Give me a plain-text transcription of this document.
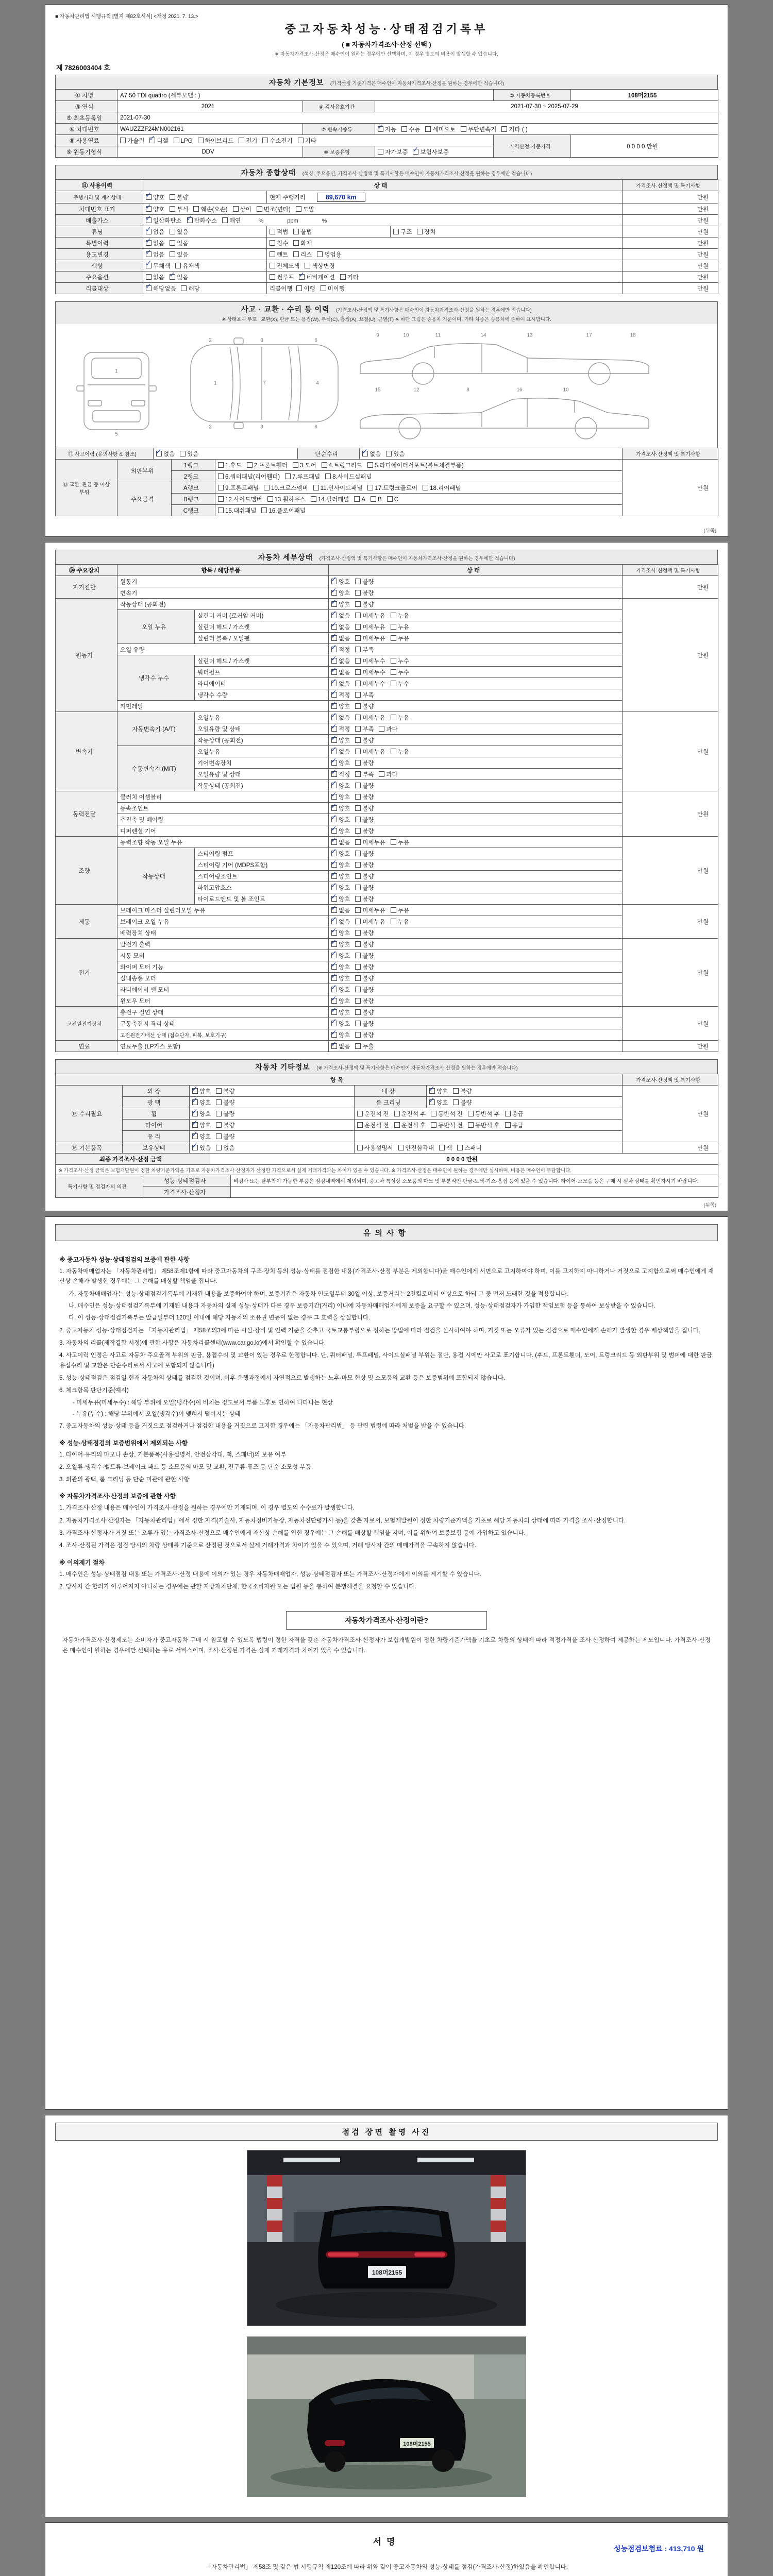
■ 자동차관리법 시행규칙 [별지 제82호서식] <개정 2021. 7. 13.>
중고자동차성능·상태점검기록부
( ■ 자동차가격조사·산정 선택 )
※ 자동차가격조사·산정은 매수인이 원하는 경우에만 선택하며, 이 경우 별도의 비용이 발생할 수 있습니다.
제 7826003404 호
자동차 기본정보 (가격산정 기준가격은 매수인이 자동차가격조사·산정을 원하는 경우에만 적습니다)
① 차명	A7 50 TDI quattro (세부모델 : )			② 자동차등록번호	108머2155
③ 연식	2021	④ 검사유효기간	2021-07-30 ~ 2025-07-29		
⑤ 최초등록일	2021-07-30				
⑥ 차대번호	WAUZZZF24MN002161	⑦ 변속기종류	✓자동 수동 세미오토 무단변속기 기타 ( )
⑧ 사용연료	가솔린 ✓ 디젤 LPG 하이브리드 전기 수소전기 기타			가격산정 기준가격	0 0 0 0 만원
⑨ 원동기형식	DDV	⑩ 보증유형	자가보증 ✓ 보험사보증
자동차 종합상태 (색상, 주요옵션, 가격조사·산정액 및 특기사항은 매수인이 자동차가격조사·산정을 원하는 경우에만 적습니다)
⑪ 사용이력	상 태			가격조사·산정액 및 특기사항
주행거리 및 계기상태	✓양호 불량	현재 주행거리 89,670 km		만원
차대번호 표기	✓양호 부식 훼손(오손) 상이 변조(변타) 도말			만원
배출가스	✓일산화탄소 ✓ 탄화수소 매연        %               ppm               %			만원
튜닝	✓없음 있음	적법 불법	구조 장치	만원
특별이력	✓없음 있음	침수 화재		만원
용도변경	✓없음 있음	렌트 리스 영업용		만원
색상	✓무채색 유채색	전체도색 색상변경		만원
주요옵션	없음 ✓ 있음	썬루프 ✓ 네비게이션 기타		만원
리콜대상	✓해당없음 해당	리콜이행 이행 미이행		만원
사고 · 교환 · 수리 등 이력 (가격조사·산정액 및 특기사항은 매수인이 자동차가격조사·산정을 원하는 경우에만 적습니다)
※ 상태표시 부호 : 교환(X), 판금 또는 용접(W), 부식(C), 흠집(A), 요철(U), 균열(T) ※ 하단 그림은 승용차 기준이며, 기타 차종은 승용차에 준하여 표시합니다.
1
5
2	3	6
1	7	4
2	3	6
9	10	11	14	13	17	18
15	12	8	16	10
⑫ 사고이력 (유의사항 4. 참조)	✓없음 있음	단순수리	✓없음 있음	가격조사·산정액 및 특기사항
⑬ 교환, 판금 등 이상 부위	외판부위	1랭크	1.후드 2.프론트휀더 3.도어 4.트렁크리드 5.라디에이터서포트(볼트체결부품)	만원
		2랭크	6.쿼터패널(리어휀더) 7.루프패널 8.사이드실패널	
	주요골격	A랭크	9.프론트패널 10.크로스멤버 11.인사이드패널 17.트렁크플로어 18.리어패널	
		B랭크	12.사이드멤버 13.휠하우스 14.필러패널 A B C	
		C랭크	15.대쉬패널 16.플로어패널	
(뒤쪽)
자동차 세부상태 (가격조사·산정액 및 특기사항은 매수인이 자동차가격조사·산정을 원하는 경우에만 적습니다)
⑭ 주요장치	항목 / 해당부품		상 태	가격조사·산정액 및 특기사항
자기진단	원동기	✓양호 불량	만원
	변속기	✓양호 불량
원동기	작동상태 (공회전)	✓양호 불량	만원
	오일 누유	실린더 커버 (로커암 커버)	✓없음 미세누유 누유
		실린더 헤드 / 가스켓	✓없음 미세누유 누유
		실린더 블록 / 오일팬	✓없음 미세누유 누유
	오일 유량	✓적정 부족
	냉각수 누수	실린더 헤드 / 가스켓	✓없음 미세누수 누수
		워터펌프	✓없음 미세누수 누수
		라디에이터	✓없음 미세누수 누수
		냉각수 수량	✓적정 부족
	커먼레일	✓양호 불량
변속기	자동변속기 (A/T)	오일누유	✓없음 미세누유 누유	만원
		오일유량 및 상태	✓적정 부족 과다
		작동상태 (공회전)	✓양호 불량
	수동변속기 (M/T)	오일누유	✓없음 미세누유 누유
		기어변속장치	✓양호 불량
		오일유량 및 상태	✓적정 부족 과다
		작동상태 (공회전)	✓양호 불량
동력전달	클러치 어셈블리	✓양호 불량	만원
	등속조인트	✓양호 불량
	추진축 및 베어링	✓양호 불량
	디퍼렌셜 기어	✓양호 불량
조향	동력조향 작동 오일 누유	✓없음 미세누유 누유	만원
	작동상태	스티어링 펌프	✓양호 불량
		스티어링 기어 (MDPS포함)	✓양호 불량
		스티어링조인트	✓양호 불량
		파워고압호스	✓양호 불량
		타이로드엔드 및 볼 조인트	✓양호 불량
제동	브레이크 마스터 실린더오일 누유	✓없음 미세누유 누유	만원
	브레이크 오일 누유	✓없음 미세누유 누유
	배력장치 상태	✓양호 불량
전기	발전기 출력	✓양호 불량	만원
	시동 모터	✓양호 불량
	와이퍼 모터 기능	✓양호 불량
	실내송풍 모터	✓양호 불량
	라디에이터 팬 모터	✓양호 불량
	윈도우 모터	✓양호 불량
고전원전기장치	충전구 절연 상태	✓양호 불량	만원
	구동축전지 격리 상태	✓양호 불량
	고전원전기배선 상태 (접속단자, 피복, 보호기구)	✓양호 불량
연료	연료누출 (LP가스 포함)	✓없음 누출	만원
자동차 기타정보 (※ 가격조사·산정액 및 특기사항은 매수인이 자동차가격조사·산정을 원하는 경우에만 적습니다)
항 목					가격조사·산정액 및 특기사항
⑮ 수리필요	외 장	✓양호 불량	내 장	✓양호 불량	만원
	광 택	✓양호 불량	룸 크리닝	✓양호 불량
	휠	✓양호 불량	운전석 전 운전석 후 동반석 전 동반석 후 응급		
	타이어	✓양호 불량	운전석 전 운전석 후 동반석 전 동반석 후 응급		
	유 리	✓양호 불량	
⑯ 기본품목	보유상태	✓있음 없음	사용설명서 안전삼각대 잭 스패너		만원
최종 가격조사·산정 금액	0 0 0 0 만원
※ 가격조사·산정 금액은 보험개발원이 정한 차량기준가액을 기초로 자동차가격조사·산정자가 산정한 가격으로서 실제 거래가격과는 차이가 있을 수 있습니다. ※ 가격조사·산정은 매수인이 원하는 경우에만 실시하며, 비용은 매수인이 부담합니다.
특기사항 및 점검자의 의견	성능·상태점검자	비검사 또는 탈부착이 가능한 부품은 점검내역에서 제외되며, 중고차 특성상 소모품의 마모 및 부분적인 판금·도색·기스·흠집 등이 있을 수 있습니다. 타이어·소모품 등은 구매 시 실차 상태를 확인하시기 바랍니다.
	가격조사·산정자	
(뒤쪽)
유의사항
※ 중고자동차 성능·상태점검의 보증에 관한 사항
1. 자동차매매업자는 「자동차관리법」 제58조제1항에 따라 중고자동차의 구조·장치 등의 성능·상태를 점검한 내용(가격조사·산정 부분은 제외합니다)을 매수인에게 서면으로 고지하여야 하며, 이를 고지하지 아니하거나 거짓으로 고지함으로써 매수인에게 재산상 손해가 발생한 경우에는 그 손해를 배상할 책임을 집니다.
가. 자동차매매업자는 성능·상태점검기록부에 기재된 내용을 보증하여야 하며, 보증기간은 자동차 인도일부터 30일 이상, 보증거리는 2천킬로미터 이상으로 하되 그 중 먼저 도래한 것을 적용합니다.
나. 매수인은 성능·상태점검기록부에 기재된 내용과 자동차의 실제 성능·상태가 다른 경우 보증기간(거리) 이내에 자동차매매업자에게 보증을 요구할 수 있으며, 성능·상태점검자가 가입한 책임보험 등을 통하여 보상받을 수 있습니다.
다. 이 성능·상태점검기록부는 발급일부터 120일 이내에 해당 자동차의 소유권 변동이 없는 경우 그 효력을 상실합니다.
2. 중고자동차 성능·상태점검자는 「자동차관리법」 제58조의3에 따른 시설·장비 및 인력 기준을 갖추고 국토교통부령으로 정하는 방법에 따라 점검을 실시하여야 하며, 거짓 또는 오류가 있는 점검으로 매수인에게 손해가 발생한 경우 배상책임을 집니다.
3. 자동차의 리콜(제작결함 시정)에 관한 사항은 자동차리콜센터(www.car.go.kr)에서 확인할 수 있습니다.
4. 사고이력 인정은 사고로 자동차 주요골격 부위의 판금, 용접수리 및 교환이 있는 경우로 한정합니다. 단, 쿼터패널, 루프패널, 사이드실패널 부위는 절단, 용접 시에만 사고로 표기합니다. (후드, 프론트휀더, 도어, 트렁크리드 등 외판부위 및 범퍼에 대한 판금, 용접수리 및 교환은 단순수리로서 사고에 포함되지 않습니다)
5. 성능·상태점검은 점검일 현재 자동차의 상태를 점검한 것이며, 이후 운행과정에서 자연적으로 발생하는 노후·마모 현상 및 소모품의 교환 등은 보증범위에 포함되지 않습니다.
6. 체크항목 판단기준(예시)
- 미세누유(미세누수) : 해당 부위에 오일(냉각수)이 비치는 정도로서 부품 노후로 인하여 나타나는 현상
- 누유(누수) : 해당 부위에서 오일(냉각수)이 맺혀서 떨어지는 상태
7. 중고자동차의 성능·상태 등을 거짓으로 점검하거나 점검한 내용을 거짓으로 고지한 경우에는 「자동차관리법」 등 관련 법령에 따라 처벌을 받을 수 있습니다.
※ 성능·상태점검의 보증범위에서 제외되는 사항
1. 타이어·유리의 마모나 손상, 기본품목(사용설명서, 안전삼각대, 잭, 스패너)의 보유 여부
2. 오일류·냉각수·벨트류·브레이크 패드 등 소모품의 마모 및 교환, 전구류·퓨즈 등 단순 소모성 부품
3. 외관의 광택, 룸 크리닝 등 단순 미관에 관한 사항
※ 자동차가격조사·산정의 보증에 관한 사항
1. 가격조사·산정 내용은 매수인이 가격조사·산정을 원하는 경우에만 기재되며, 이 경우 별도의 수수료가 발생합니다.
2. 자동차가격조사·산정자는 「자동차관리법」에서 정한 자격(기술사, 자동차정비기능장, 자동차진단평가사 등)을 갖춘 자로서, 보험개발원이 정한 차량기준가액을 기초로 해당 자동차의 상태에 따라 가격을 조사·산정합니다.
3. 가격조사·산정자가 거짓 또는 오류가 있는 가격조사·산정으로 매수인에게 재산상 손해를 입힌 경우에는 그 손해를 배상할 책임을 지며, 이를 위하여 보증보험 등에 가입하고 있습니다.
4. 조사·산정된 가격은 점검 당시의 차량 상태를 기준으로 산정된 것으로서 실제 거래가격과 차이가 있을 수 있으며, 거래 당사자 간의 매매가격을 구속하지 않습니다.
※ 이의제기 절차
1. 매수인은 성능·상태점검 내용 또는 가격조사·산정 내용에 이의가 있는 경우 자동차매매업자, 성능·상태점검자 또는 가격조사·산정자에게 이의를 제기할 수 있습니다.
2. 당사자 간 합의가 이루어지지 아니하는 경우에는 관할 지방자치단체, 한국소비자원 또는 법원 등을 통하여 분쟁해결을 요청할 수 있습니다.
자동차가격조사·산정이란?
자동차가격조사·산정제도는 소비자가 중고자동차 구매 시 참고할 수 있도록 법령이 정한 자격을 갖춘 자동차가격조사·산정자가 보험개발원이 정한 차량기준가액을 기초로 차량의 상태에 따라 적정가격을 조사·산정하여 제공하는 제도입니다. 가격조사·산정은 매수인이 원하는 경우에만 선택하는 유료 서비스이며, 조사·산정된 가격은 실제 거래가격과 차이가 있을 수 있습니다.
점검 장면 촬영 사진
108머2155
108머2155
서명
성능점검보험료 : 413,710 원
「자동차관리법」 제58조 및 같은 법 시행규칙 제120조에 따라 위와 같이 중고자동차의 성능·상태를 점검(가격조사·산정)하였음을 확인합니다.
